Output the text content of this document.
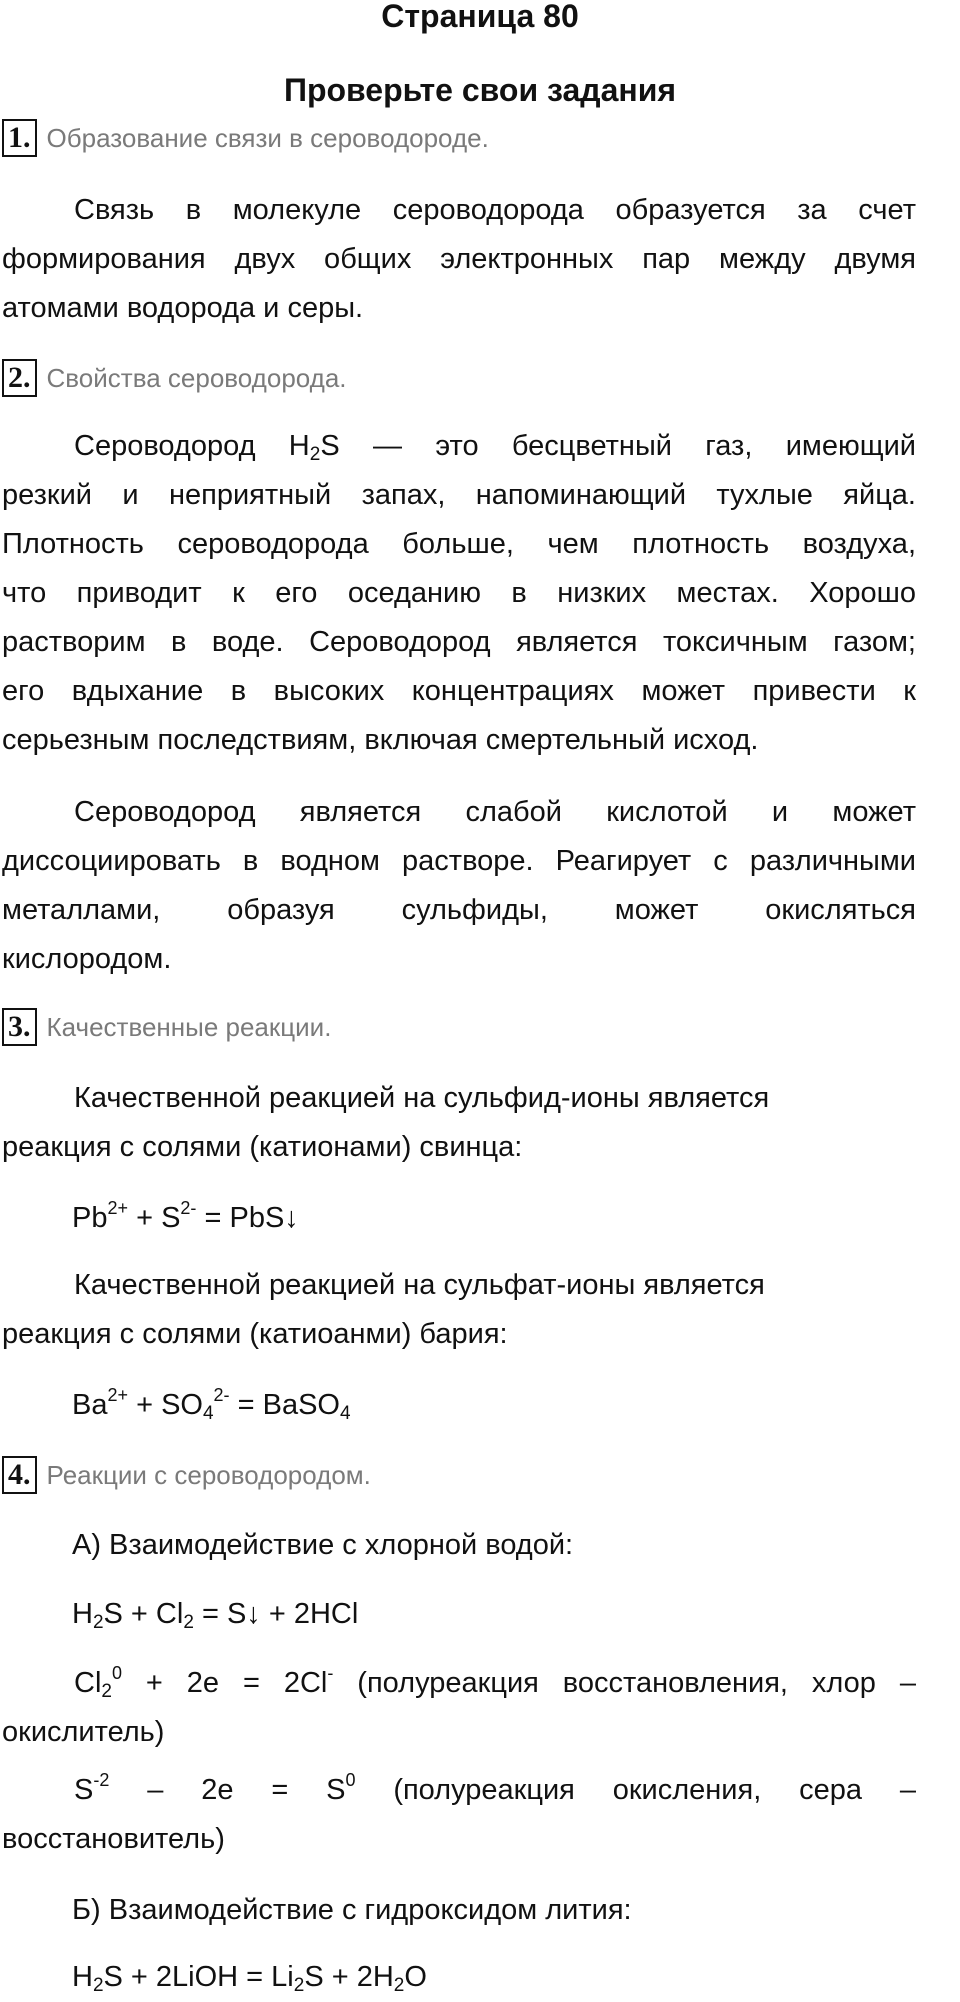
Страница 80
Проверьте свои задания
1. Образование связи в сероводороде.
Связь в молекуле сероводорода образуется за счет
формирования двух общих электронных пар между двумя
атомами водорода и серы.
2. Свойства сероводорода.
Сероводород $H_2S$ — это бесцветный газ, имеющий
резкий и неприятный запах, напоминающий тухлые яйца.
Плотность сероводорода больше, чем плотность воздуха,
что приводит к его оседанию в низких местах. Хорошо
растворим в воде. Сероводород является токсичным газом;
его вдыхание в высоких концентрациях может привести к
серьезным последствиям, включая смертельный исход.
Сероводород является слабой кислотой и может
диссоциировать в водном растворе. Реагирует с различными
металлами, образуя сульфиды, может окисляться
кислородом.
3. Качественные реакции.
Качественной реакцией на сульфид-ионы является
реакция с солями (катионами) свинца:
$Pb^{2+} + S^{2-}$ = PbS↓
Качественной реакцией на сульфат-ионы является
реакция с солями (катиоанми) бария:
$Ba^{2+} + SO_4^{2-}$ = BaSO$_4$
4. Реакции с сероводородом.
А) Взаимодействие с хлорной водой:
$H_2S + Cl_2$ = S↓ + 2HCl
$Cl_2^0 + 2e = 2Cl^-$ (полуреакция восстановления, хлор –
окислитель)
$S^{-2} - 2e = S^0$ (полуреакция окисления, сера –
восстановитель)
Б) Взаимодействие с гидроксидом лития:
$H_2S$ + 2LiOH = $Li_2S + 2H_2O$
